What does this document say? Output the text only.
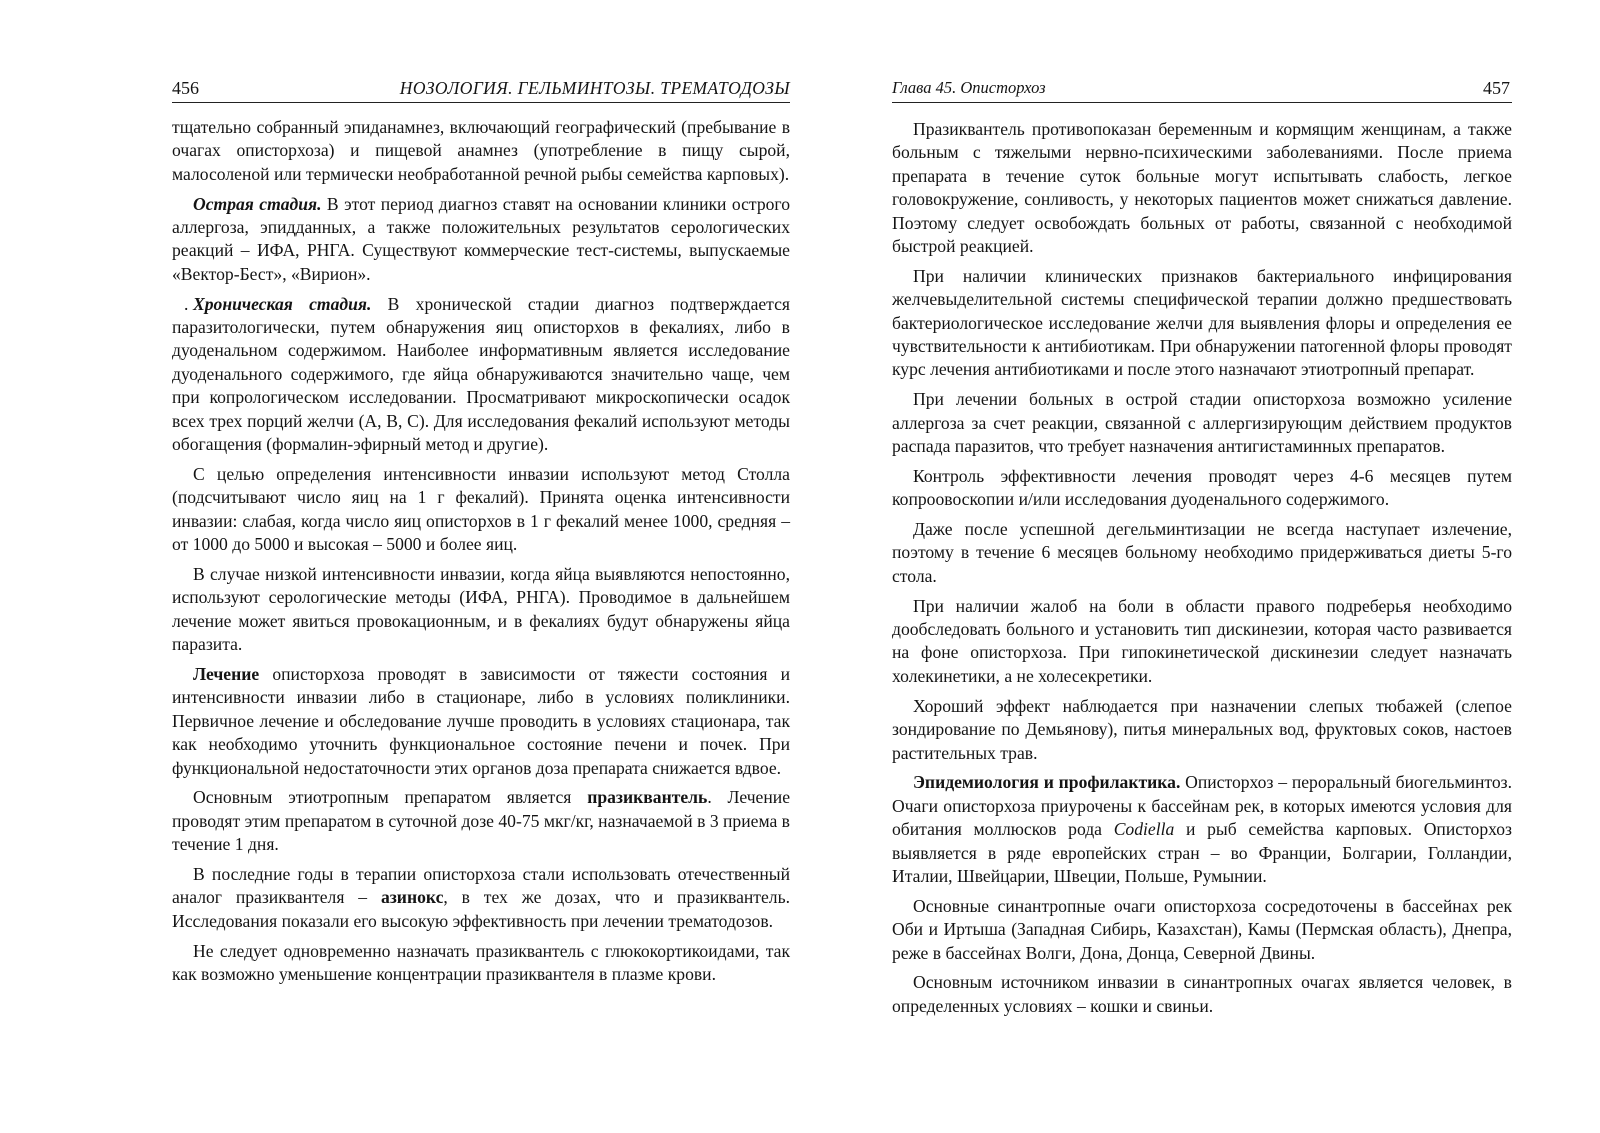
456	НОЗОЛОГИЯ. ГЕЛЬМИНТОЗЫ. ТРЕМАТОДОЗЫ

тщательно собранный эпиданамнез, включающий географический (пребывание в очагах описторхоза) и пищевой анамнез (употребление в пищу сырой, малосоленой или термически необработанной речной рыбы семейства карповых).

Острая стадия. В этот период диагноз ставят на основании клиники острого аллергоза, эпидданных, а также положительных результатов серологических реакций – ИФА, РНГА. Существуют коммерческие тест-системы, выпускаемые «Вектор-Бест», «Вирион».

. Хроническая стадия. В хронической стадии диагноз подтверждается паразитологически, путем обнаружения яиц описторхов в фекалиях, либо в дуоденальном содержимом. Наиболее информативным является исследование дуоденального содержимого, где яйца обнаруживаются значительно чаще, чем при копрологическом исследовании. Просматривают микроскопически осадок всех трех порций желчи (А, В, С). Для исследования фекалий используют методы обогащения (формалин-эфирный метод и другие).

С целью определения интенсивности инвазии используют метод Столла (подсчитывают число яиц на 1 г фекалий). Принята оценка интенсивности инвазии: слабая, когда число яиц описторхов в 1 г фекалий менее 1000, средняя – от 1000 до 5000 и высокая – 5000 и более яиц.

В случае низкой интенсивности инвазии, когда яйца выявляются непостоянно, используют серологические методы (ИФА, РНГА). Проводимое в дальнейшем лечение может явиться провокационным, и в фекалиях будут обнаружены яйца паразита.

Лечение описторхоза проводят в зависимости от тяжести состояния и интенсивности инвазии либо в стационаре, либо в условиях поликлиники. Первичное лечение и обследование лучше проводить в условиях стационара, так как необходимо уточнить функциональное состояние печени и почек. При функциональной недостаточности этих органов доза препарата снижается вдвое.

Основным этиотропным препаратом является празиквантель. Лечение проводят этим препаратом в суточной дозе 40-75 мкг/кг, назначаемой в 3 приема в течение 1 дня.

В последние годы в терапии описторхоза стали использовать отечественный аналог празиквантеля – азинокс, в тех же дозах, что и празиквантель. Исследования показали его высокую эффективность при лечении трематодозов.

Не следует одновременно назначать празиквантель с глюкокортикоидами, так как возможно уменьшение концентрации празиквантеля в плазме крови.

Глава 45. Описторхоз	457

Празиквантель противопоказан беременным и кормящим женщинам, а также больным с тяжелыми нервно-психическими заболеваниями. После приема препарата в течение суток больные могут испытывать слабость, легкое головокружение, сонливость, у некоторых пациентов может снижаться давление. Поэтому следует освобождать больных от работы, связанной с необходимой быстрой реакцией.

При наличии клинических признаков бактериального инфицирования желчевыделительной системы специфической терапии должно предшествовать бактериологическое исследование желчи для выявления флоры и определения ее чувствительности к антибиотикам. При обнаружении патогенной флоры проводят курс лечения антибиотиками и после этого назначают этиотропный препарат.

При лечении больных в острой стадии описторхоза возможно усиление аллергоза за счет реакции, связанной с аллергизирующим действием продуктов распада паразитов, что требует назначения антигистаминных препаратов.

Контроль эффективности лечения проводят через 4-6 месяцев путем копроовоскопии и/или исследования дуоденального содержимого.

Даже после успешной дегельминтизации не всегда наступает излечение, поэтому в течение 6 месяцев больному необходимо придерживаться диеты 5-го стола.

При наличии жалоб на боли в области правого подреберья необходимо дообследовать больного и установить тип дискинезии, которая часто развивается на фоне описторхоза. При гипокинетической дискинезии следует назначать холекинетики, а не холесекретики.

Хороший эффект наблюдается при назначении слепых тюбажей (слепое зондирование по Демьянову), питья минеральных вод, фруктовых соков, настоев растительных трав.

Эпидемиология и профилактика. Описторхоз – пероральный биогельминтоз. Очаги описторхоза приурочены к бассейнам рек, в которых имеются условия для обитания моллюсков рода Codiella и рыб семейства карповых. Описторхоз выявляется в ряде европейских стран – во Франции, Болгарии, Голландии, Италии, Швейцарии, Швеции, Польше, Румынии.

Основные синантропные очаги описторхоза сосредоточены в бассейнах рек Оби и Иртыша (Западная Сибирь, Казахстан), Камы (Пермская область), Днепра, реже в бассейнах Волги, Дона, Донца, Северной Двины.

Основным источником инвазии в синантропных очагах является человек, в определенных условиях – кошки и свиньи.
